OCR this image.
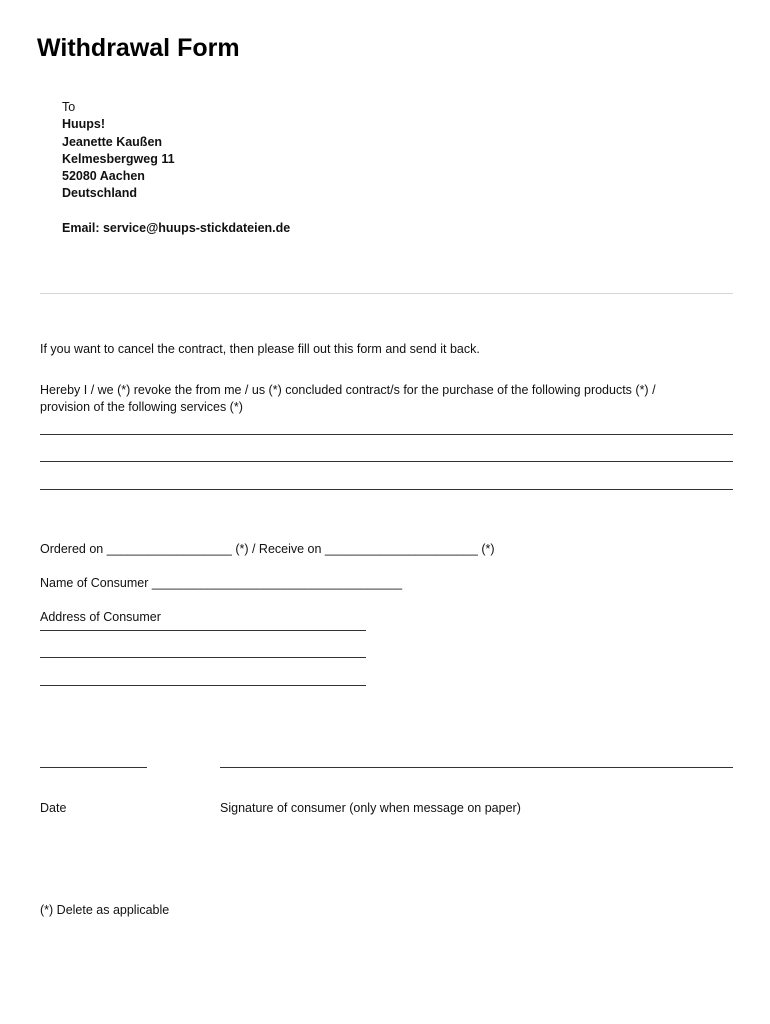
Withdrawal Form
To
Huups!
Jeanette Kaußen
Kelmesbergweg 11
52080 Aachen
Deutschland
Email: service@huups-stickdateien.de
If you want to cancel the contract, then please fill out this form and send it back.
Hereby I / we (*) revoke the from me / us (*) concluded contract/s for the purchase of the following products (*) /
provision of the following services (*)
Ordered on __________________ (*) / Receive on ______________________ (*)
Name of Consumer ____________________________________
Address of Consumer
Date	Signature of consumer (only when message on paper)
(*) Delete as applicable
